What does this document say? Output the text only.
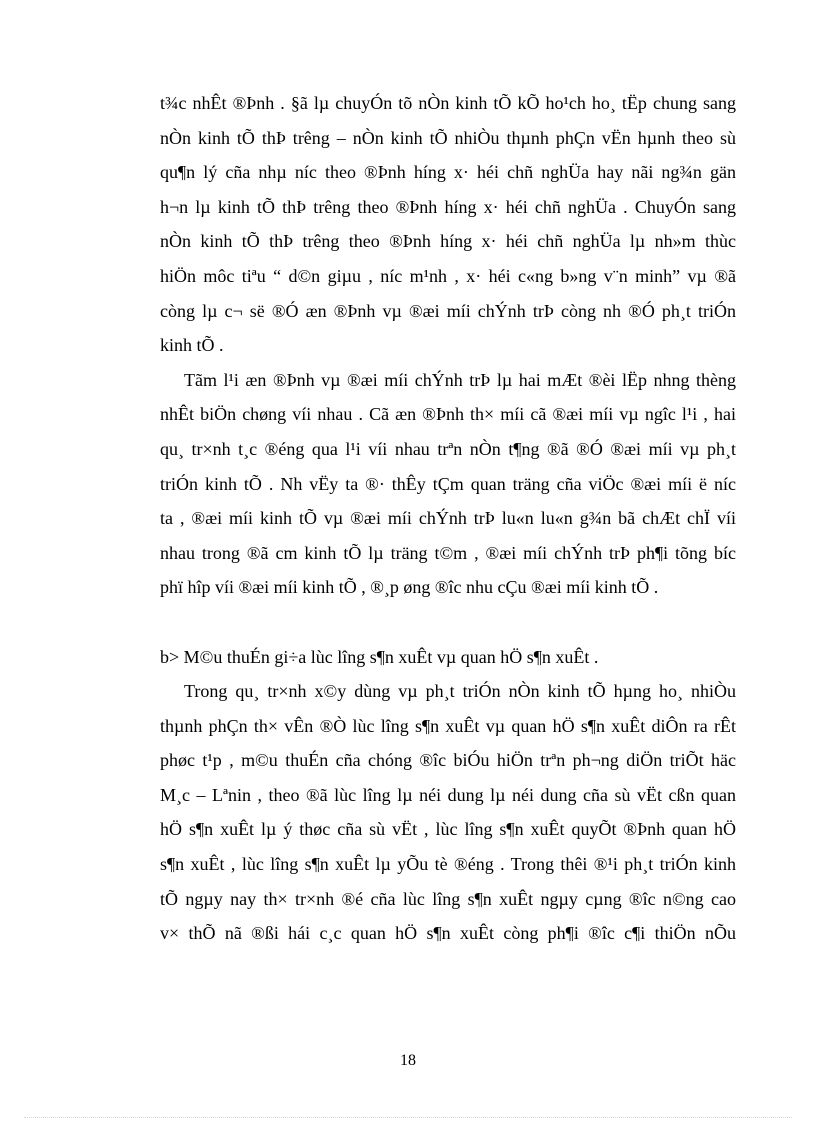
t¾c nhÊt ®Þnh . §ã lµ chuyÓn tõ nÒn kinh tÕ kÕ ho¹ch ho¸ tËp chung sang
nÒn kinh tÕ thÞ trêng – nÒn kinh tÕ nhiÒu thµnh phÇn vËn hµnh theo sù
qu¶n lý cña nhµ níc theo ®Þnh híng x· héi chñ nghÜa hay nãi ng¾n gän
h¬n lµ kinh tÕ thÞ trêng theo ®Þnh híng x· héi chñ nghÜa . ChuyÓn sang
nÒn kinh tÕ thÞ trêng theo ®Þnh híng x· héi chñ nghÜa lµ nh»m thùc
hiÖn môc tiªu “ d©n giµu , níc m¹nh , x· héi c«ng b»ng v¨n minh” vµ ®ã
còng lµ c¬ së ®Ó æn ®Þnh vµ ®æi míi chÝnh trÞ còng nh ®Ó ph¸t triÓn
kinh tÕ .
Tãm l¹i æn ®Þnh vµ ®æi míi chÝnh trÞ lµ hai mÆt ®èi lËp nhng thèng
nhÊt biÖn chøng víi nhau . Cã æn ®Þnh th× míi cã ®æi míi vµ ngîc l¹i , hai
qu¸ tr×nh t¸c ®éng qua l¹i víi nhau trªn nÒn t¶ng ®ã ®Ó ®æi míi vµ ph¸t
triÓn kinh tÕ . Nh vËy ta ®· thÊy tÇm quan träng cña viÖc ®æi míi ë níc
ta , ®æi míi kinh tÕ vµ ®æi míi chÝnh trÞ lu«n lu«n g¾n bã chÆt chÏ víi
nhau trong ®ã cm kinh tÕ lµ träng t©m , ®æi míi chÝnh trÞ ph¶i tõng bíc
phï hîp víi ®æi míi kinh tÕ , ®¸p øng ®îc nhu cÇu ®æi míi kinh tÕ .
b> M©u thuÉn gi÷a lùc lîng s¶n xuÊt vµ quan hÖ s¶n xuÊt .
Trong qu¸ tr×nh x©y dùng vµ ph¸t triÓn nÒn kinh tÕ hµng ho¸ nhiÒu
thµnh phÇn th× vÊn ®Ò lùc lîng s¶n xuÊt vµ quan hÖ s¶n xuÊt diÔn ra rÊt
phøc t¹p , m©u thuÉn cña chóng ®îc biÓu hiÖn trªn ph¬ng diÖn triÕt häc
M¸c – Lªnin , theo ®ã lùc lîng lµ néi dung lµ néi dung cña sù vËt cßn quan
hÖ s¶n xuÊt lµ ý thøc cña sù vËt , lùc lîng s¶n xuÊt quyÕt ®Þnh quan hÖ
s¶n xuÊt , lùc lîng s¶n xuÊt lµ yÕu tè ®éng . Trong thêi ®¹i ph¸t triÓn kinh
tÕ ngµy nay th× tr×nh ®é cña lùc lîng s¶n xuÊt ngµy cµng ®îc n©ng cao
v× thÕ nã ®ßi hái c¸c quan hÖ s¶n xuÊt còng ph¶i ®îc c¶i thiÖn nÕu
18
